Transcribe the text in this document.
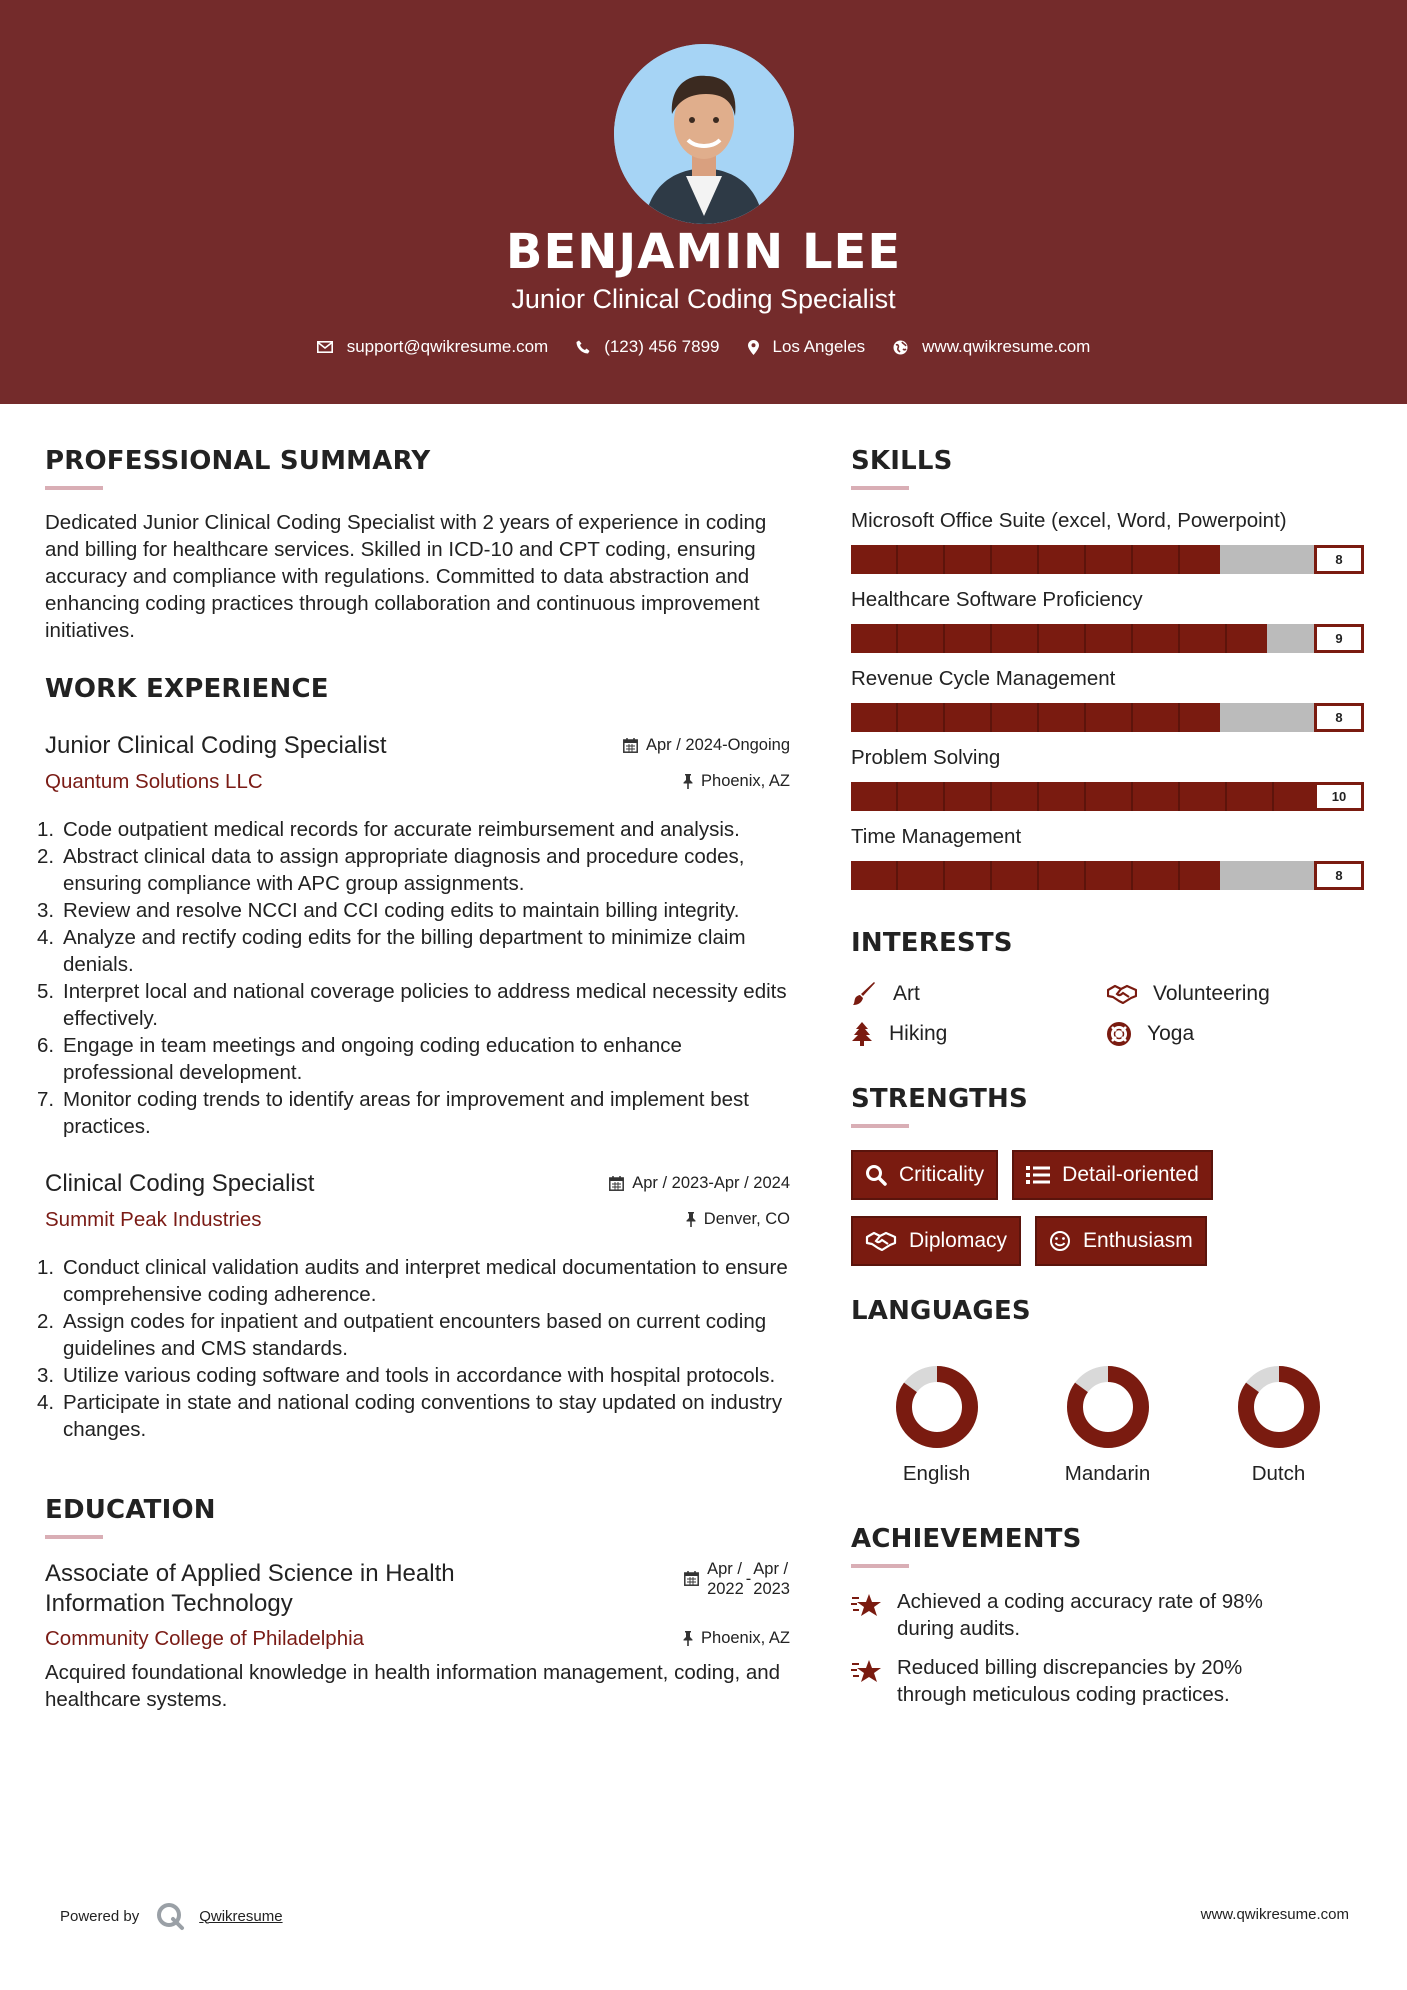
BENJAMIN LEE
Junior Clinical Coding Specialist
support@qwikresume.com	(123) 456 7899	Los Angeles	www.qwikresume.com
PROFESSIONAL SUMMARY

Dedicated Junior Clinical Coding Specialist with 2 years of experience in coding and billing for healthcare services. Skilled in ICD-10 and CPT coding, ensuring accuracy and compliance with regulations. Committed to data abstraction and enhancing coding practices through collaboration and continuous improvement initiatives.

WORK EXPERIENCE
Apr / 2024-Ongoing
Junior Clinical Coding Specialist
Phoenix, AZ
Quantum Solutions LLC
1. Code outpatient medical records for accurate reimbursement and analysis.
2. Abstract clinical data to assign appropriate diagnosis and procedure codes, ensuring compliance with APC group assignments.
3. Review and resolve NCCI and CCI coding edits to maintain billing integrity.
4. Analyze and rectify coding edits for the billing department to minimize claim denials.
5. Interpret local and national coverage policies to address medical necessity edits effectively.
6. Engage in team meetings and ongoing coding education to enhance professional development.
7. Monitor coding trends to identify areas for improvement and implement best practices.
Apr / 2023-Apr / 2024
Clinical Coding Specialist
Denver, CO
Summit Peak Industries
1. Conduct clinical validation audits and interpret medical documentation to ensure comprehensive coding adherence.
2. Assign codes for inpatient and outpatient encounters based on current coding guidelines and CMS standards.
3. Utilize various coding software and tools in accordance with hospital protocols.
4. Participate in state and national coding conventions to stay updated on industry changes.
EDUCATION
Apr /
2022
-
Apr /
2023
Associate of Applied Science in Health
Information Technology
Phoenix, AZ
Community College of Philadelphia

Acquired foundational knowledge in health information management, coding, and healthcare systems.

SKILLS
Microsoft Office Suite (excel, Word, Powerpoint)
8
Healthcare Software Proficiency
9
Revenue Cycle Management
8
Problem Solving
10
Time Management
8
INTERESTS
Art	Volunteering
Hiking	Yoga
STRENGTHS
Criticality	Detail-oriented
Diplomacy	Enthusiasm
LANGUAGES
English	Mandarin	Dutch
ACHIEVEMENTS
Achieved a coding accuracy rate of 98% during audits.
Reduced billing discrepancies by 20% through meticulous coding practices.
Powered by	Qwikresume	www.qwikresume.com
